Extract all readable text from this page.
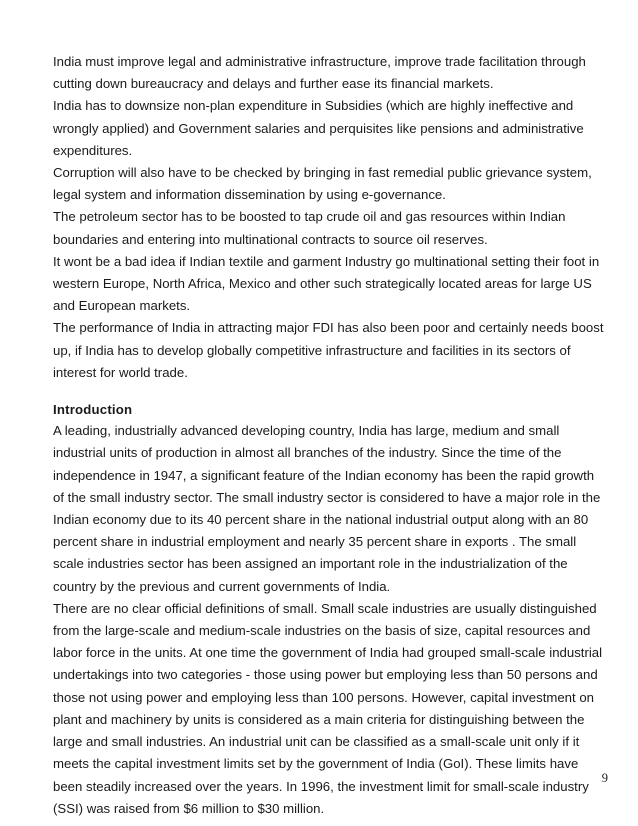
India must improve legal and administrative infrastructure, improve trade facilitation through cutting down bureaucracy and delays and further ease its financial markets.

India has to downsize non-plan expenditure in Subsidies (which are highly ineffective and wrongly applied) and Government salaries and perquisites like pensions and administrative expenditures.

Corruption will also have to be checked by bringing in fast remedial public grievance system, legal system and information dissemination by using e-governance.

The petroleum sector has to be boosted to tap crude oil and gas resources within Indian boundaries and entering into multinational contracts to source oil reserves.

It wont be a bad idea if Indian textile and garment Industry go multinational setting their foot in western Europe, North Africa, Mexico and other such strategically located areas for large US and European markets.

The performance of India in attracting major FDI has also been poor and certainly needs boost up, if India has to develop globally competitive infrastructure and facilities in its sectors of interest for world trade.

Introduction

A leading, industrially advanced developing country, India has large, medium and small industrial units of production in almost all branches of the industry. Since the time of the independence in 1947, a significant feature of the Indian economy has been the rapid growth of the small industry sector. The small industry sector is considered to have a major role in the Indian economy due to its 40 percent share in the national industrial output along with an 80 percent share in industrial employment and nearly 35 percent share in exports . The small scale industries sector has been assigned an important role in the industrialization of the country by the previous and current governments of India.

There are no clear official definitions of small. Small scale industries are usually distinguished from the large-scale and medium-scale industries on the basis of size, capital resources and labor force in the units. At one time the government of India had grouped small-scale industrial undertakings into two categories - those using power but employing less than 50 persons and those not using power and employing less than 100 persons. However, capital investment on plant and machinery by units is considered as a main criteria for distinguishing between the large and small industries. An industrial unit can be classified as a small-scale unit only if it meets the capital investment limits set by the government of India (GoI). These limits have been steadily increased over the years. In 1996, the investment limit for small-scale industry (SSI) was raised from $6 million to $30 million.

9
